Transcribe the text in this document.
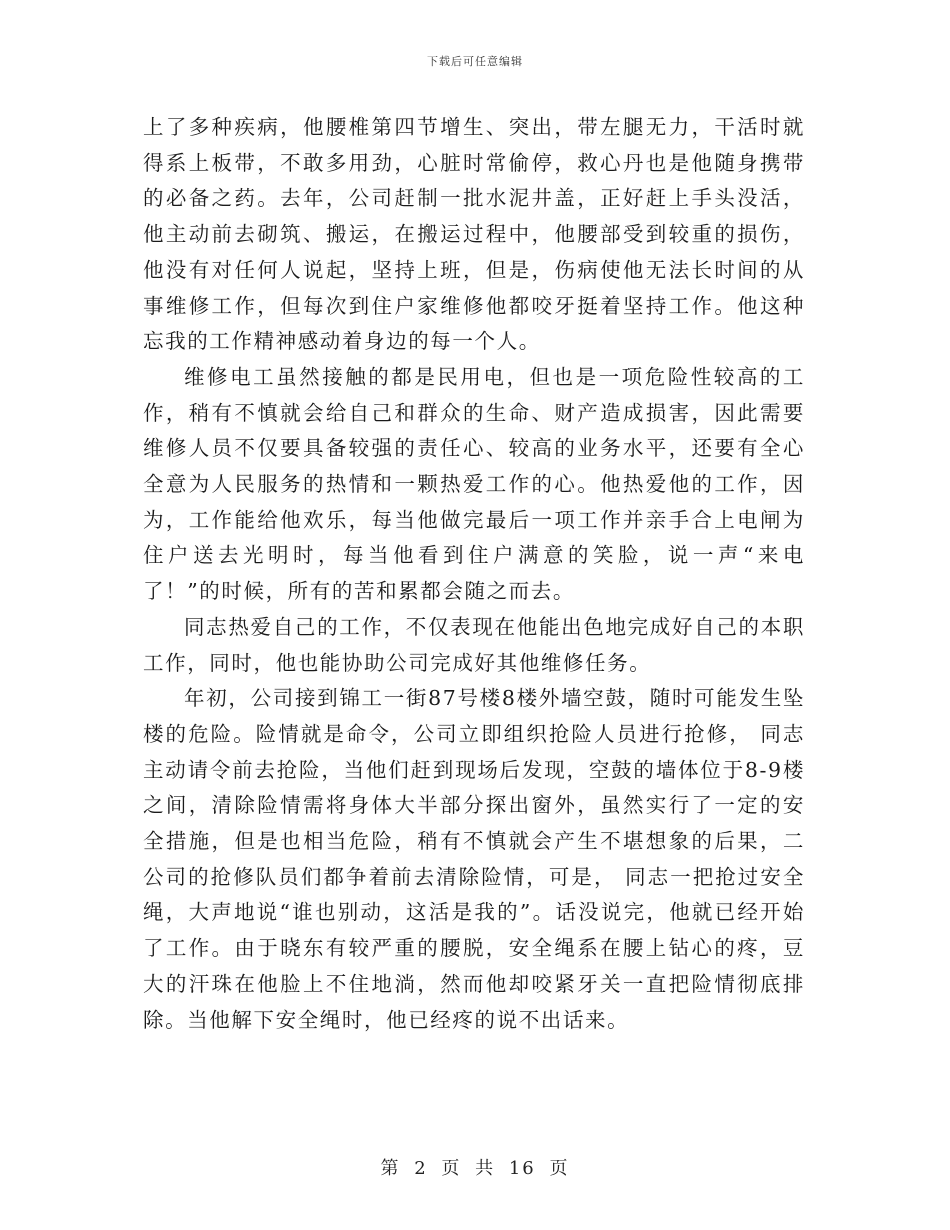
下载后可任意编辑

上了多种疾病，他腰椎第四节增生、突出，带左腿无力，干活时就得系上板带，不敢多用劲，心脏时常偷停，救心丹也是他随身携带的必备之药。去年，公司赶制一批水泥井盖，正好赶上手头没活，他主动前去砌筑、搬运，在搬运过程中，他腰部受到较重的损伤，他没有对任何人说起，坚持上班，但是，伤病使他无法长时间的从事维修工作，但每次到住户家维修他都咬牙挺着坚持工作。他这种忘我的工作精神感动着身边的每一个人。

维修电工虽然接触的都是民用电，但也是一项危险性较高的工作，稍有不慎就会给自己和群众的生命、财产造成损害，因此需要维修人员不仅要具备较强的责任心、较高的业务水平，还要有全心全意为人民服务的热情和一颗热爱工作的心。他热爱他的工作，因为，工作能给他欢乐，每当他做完最后一项工作并亲手合上电闸为住户送去光明时，每当他看到住户满意的笑脸，说一声“来电了！”的时候，所有的苦和累都会随之而去。

同志热爱自己的工作，不仅表现在他能出色地完成好自己的本职工作，同时，他也能协助公司完成好其他维修任务。

年初，公司接到锦工一街87号楼8楼外墙空鼓，随时可能发生坠楼的危险。险情就是命令，公司立即组织抢险人员进行抢修， 同志主动请令前去抢险，当他们赶到现场后发现，空鼓的墙体位于8-9楼之间，清除险情需将身体大半部分探出窗外，虽然实行了一定的安全措施，但是也相当危险，稍有不慎就会产生不堪想象的后果，二公司的抢修队员们都争着前去清除险情，可是， 同志一把抢过安全绳，大声地说“谁也别动，这活是我的”。话没说完，他就已经开始了工作。由于晓东有较严重的腰脱，安全绳系在腰上钻心的疼，豆大的汗珠在他脸上不住地淌，然而他却咬紧牙关一直把险情彻底排除。当他解下安全绳时，他已经疼的说不出话来。

第 2 页 共 16 页
